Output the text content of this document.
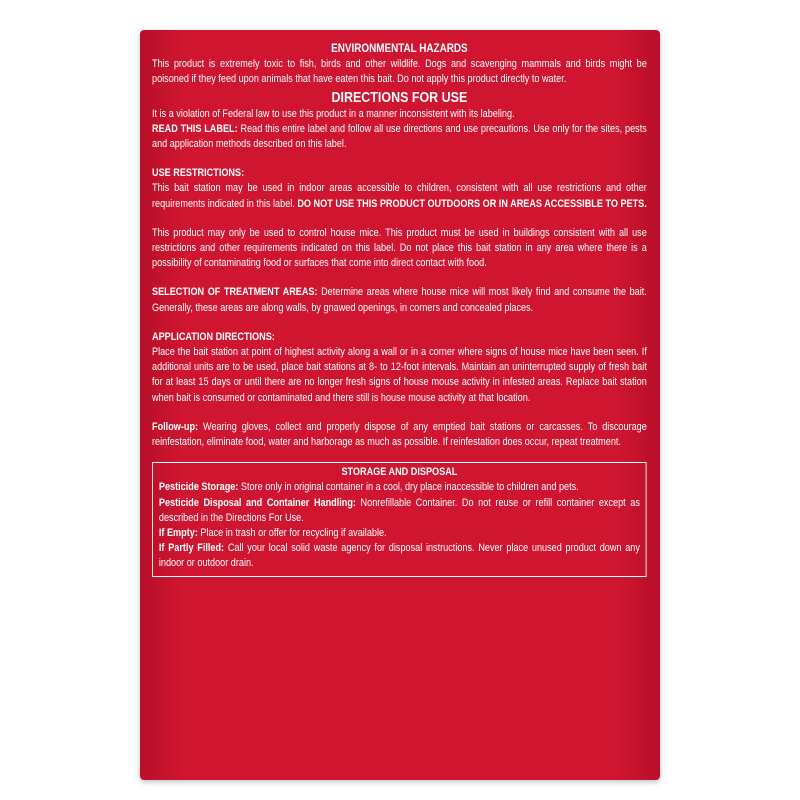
ENVIRONMENTAL HAZARDS

This product is extremely toxic to fish, birds and other wildlife. Dogs and scavenging mammals and birds might be poisoned if they feed upon animals that have eaten this bait. Do not apply this product directly to water.

DIRECTIONS FOR USE

It is a violation of Federal law to use this product in a manner inconsistent with its labeling.

READ THIS LABEL: Read this entire label and follow all use directions and use precautions. Use only for the sites, pests and application methods described on this label.

USE RESTRICTIONS:

This bait station may be used in indoor areas accessible to children, consistent with all use restrictions and other requirements indicated in this label. DO NOT USE THIS PRODUCT OUTDOORS OR IN AREAS ACCESSIBLE TO PETS.

This product may only be used to control house mice. This product must be used in buildings consistent with all use restrictions and other requirements indicated on this label. Do not place this bait station in any area where there is a possibility of contaminating food or surfaces that come into direct contact with food.

SELECTION OF TREATMENT AREAS: Determine areas where house mice will most likely find and consume the bait. Generally, these areas are along walls, by gnawed openings, in corners and concealed places.

APPLICATION DIRECTIONS:

Place the bait station at point of highest activity along a wall or in a corner where signs of house mice have been seen. If additional units are to be used, place bait stations at 8- to 12-foot intervals. Maintain an uninterrupted supply of fresh bait for at least 15 days or until there are no longer fresh signs of house mouse activity in infested areas. Replace bait station when bait is consumed or contaminated and there still is house mouse activity at that location.

Follow-up: Wearing gloves, collect and properly dispose of any emptied bait stations or carcasses. To discourage reinfestation, eliminate food, water and harborage as much as possible. If reinfestation does occur, repeat treatment.

STORAGE AND DISPOSAL

Pesticide Storage: Store only in original container in a cool, dry place inaccessible to children and pets.

Pesticide Disposal and Container Handling: Nonrefillable Container. Do not reuse or refill container except as described in the Directions For Use.

If Empty: Place in trash or offer for recycling if available.

If Partly Filled: Call your local solid waste agency for disposal instructions. Never place unused product down any indoor or outdoor drain.
